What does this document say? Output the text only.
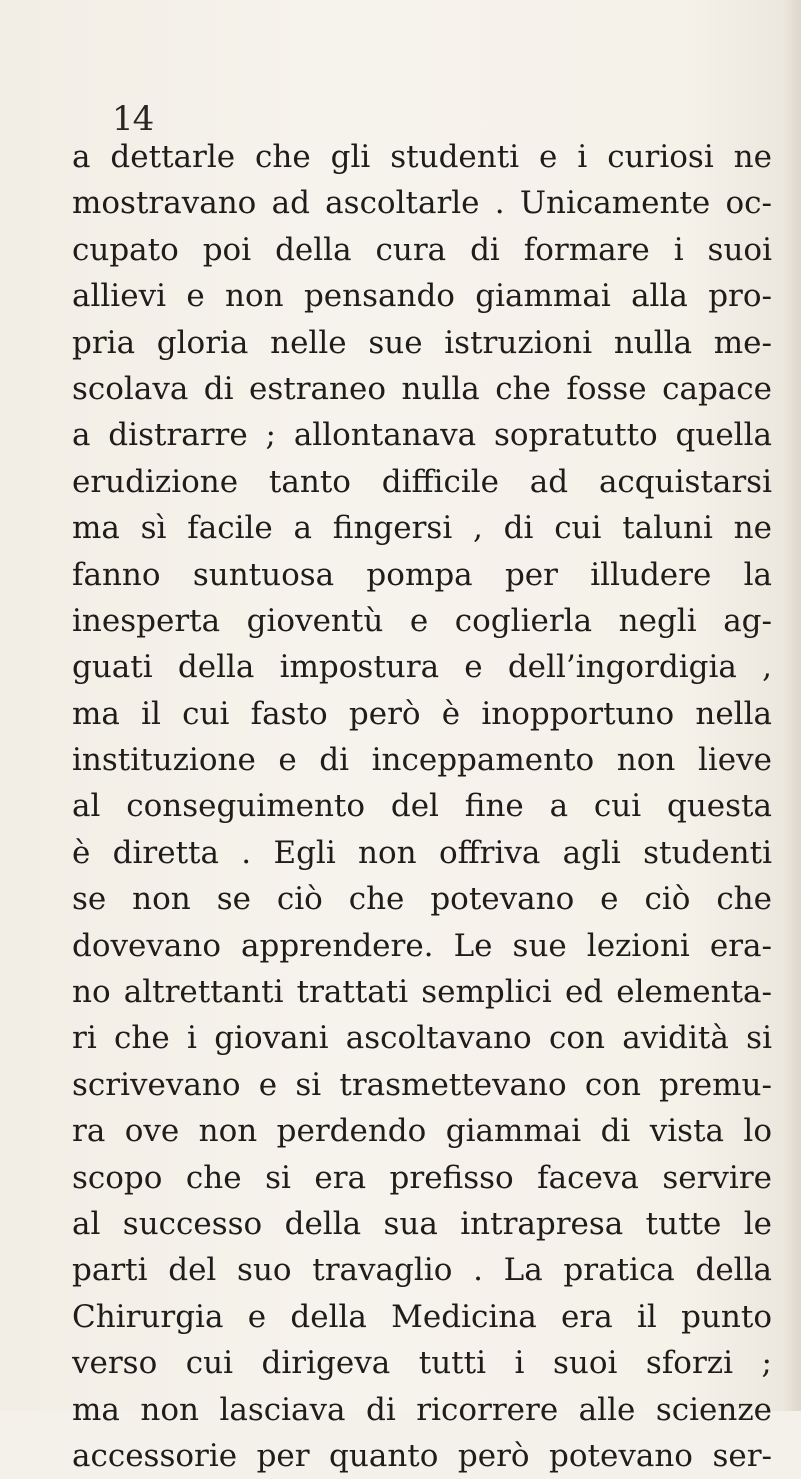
14
a dettarle che gli studenti e i curiosi ne
mostravano ad ascoltarle . Unicamente oc-
cupato poi della cura di formare i suoi
allievi e non pensando giammai alla pro-
pria gloria nelle sue istruzioni nulla me-
scolava di estraneo nulla che fosse capace
a distrarre ; allontanava sopratutto quella
erudizione tanto difficile ad acquistarsi
ma sì facile a fingersi , di cui taluni ne
fanno suntuosa pompa per illudere la
inesperta gioventù e coglierla negli ag-
guati della impostura e dell’ingordigia ,
ma il cui fasto però è inopportuno nella
instituzione e di inceppamento non lieve
al conseguimento del fine a cui questa
è diretta . Egli non offriva agli studenti
se non se ciò che potevano e ciò che
dovevano apprendere. Le sue lezioni era-
no altrettanti trattati semplici ed elementa-
ri che i giovani ascoltavano con avidità si
scrivevano e si trasmettevano con premu-
ra ove non perdendo giammai di vista lo
scopo che si era prefisso faceva servire
al successo della sua intrapresa tutte le
parti del suo travaglio . La pratica della
Chirurgia e della Medicina era il punto
verso cui dirigeva tutti i suoi sforzi ;
ma non lasciava di ricorrere alle scienze
accessorie per quanto però potevano ser-
